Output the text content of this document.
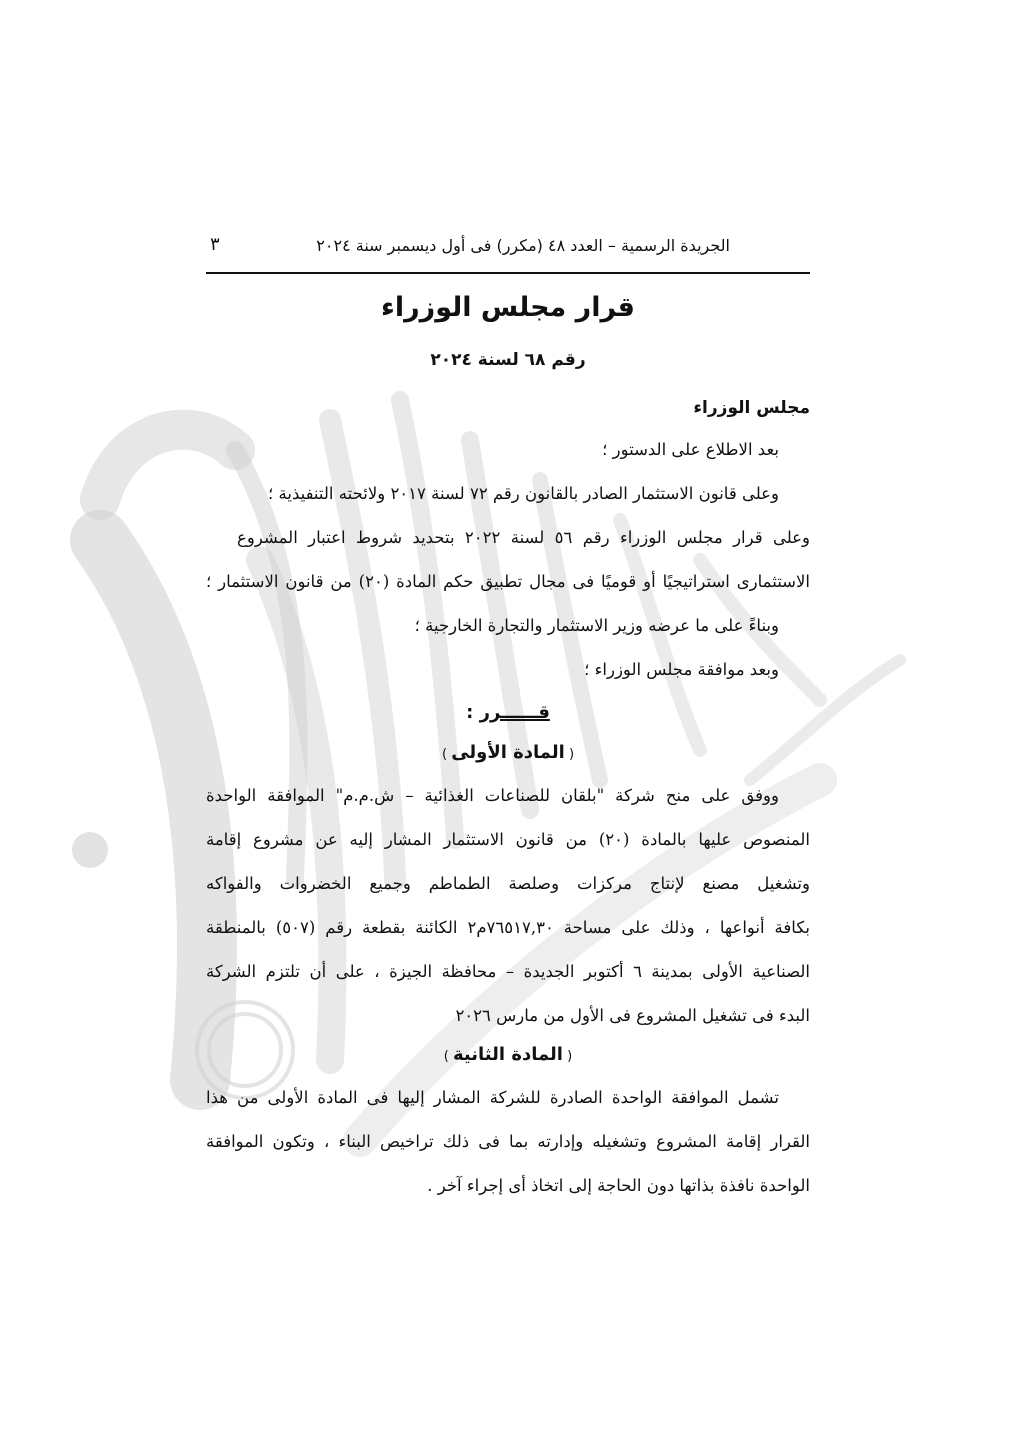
الجريدة الرسمية – العدد ٤٨ (مكرر) فى أول ديسمبر سنة ٢٠٢٤
٣
قرار مجلس الوزراء
رقم ٦٨ لسنة ٢٠٢٤
مجلس الوزراء
بعد الاطلاع على الدستور ؛
وعلى قانون الاستثمار الصادر بالقانون رقم ٧٢ لسنة ٢٠١٧ ولائحته التنفيذية ؛
وعلى قرار مجلس الوزراء رقم ٥٦ لسنة ٢٠٢٢ بتحديد شروط اعتبار المشروع
الاستثمارى استراتيجيًا أو قوميًا فى مجال تطبيق حكم المادة (٢٠) من قانون الاستثمار ؛
وبناءً على ما عرضه وزير الاستثمار والتجارة الخارجية ؛
وبعد موافقة مجلس الوزراء ؛
قــــــرر :
( المادة الأولى )
ووفق على منح شركة "بلقان للصناعات الغذائية – ش.م.م" الموافقة الواحدة
المنصوص عليها بالمادة (٢٠) من قانون الاستثمار المشار إليه عن مشروع إقامة
وتشغيل مصنع لإنتاج مركزات وصلصة الطماطم وجميع الخضروات والفواكه
بكافة أنواعها ، وذلك على مساحة ٧٦٥١٧,٣٠م٢ الكائنة بقطعة رقم (٥٠٧) بالمنطقة
الصناعية الأولى بمدينة ٦ أكتوبر الجديدة – محافظة الجيزة ، على أن تلتزم الشركة
البدء فى تشغيل المشروع فى الأول من مارس ٢٠٢٦
( المادة الثانية )
تشمل الموافقة الواحدة الصادرة للشركة المشار إليها فى المادة الأولى من هذا
القرار إقامة المشروع وتشغيله وإدارته بما فى ذلك تراخيص البناء ، وتكون الموافقة
الواحدة نافذة بذاتها دون الحاجة إلى اتخاذ أى إجراء آخر .
